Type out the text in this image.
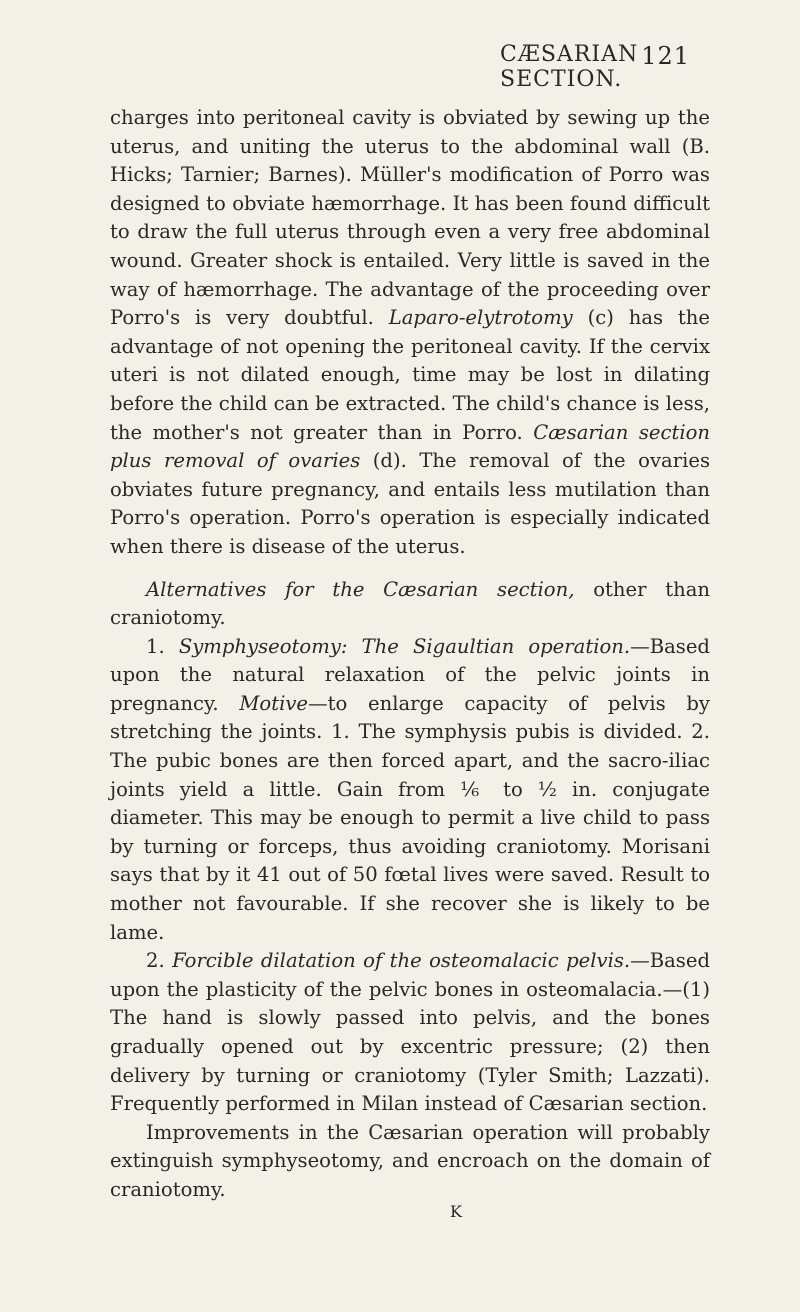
CÆSARIAN SECTION.
121

charges into peritoneal cavity is obviated by sewing up the uterus, and uniting the uterus to the abdominal wall (B. Hicks; Tarnier; Barnes). Müller's modification of Porro was designed to obviate hæmorrhage. It has been found difficult to draw the full uterus through even a very free abdominal wound. Greater shock is entailed. Very little is saved in the way of hæmorrhage. The advantage of the proceeding over Porro's is very doubtful. Laparo-elytrotomy (c) has the advantage of not opening the peritoneal cavity. If the cervix uteri is not dilated enough, time may be lost in dilating before the child can be extracted. The child's chance is less, the mother's not greater than in Porro. Cæsarian section plus removal of ovaries (d). The removal of the ovaries obviates future pregnancy, and entails less mutilation than Porro's operation. Porro's operation is especially indicated when there is disease of the uterus.

Alternatives for the Cæsarian section, other than craniotomy.

1. Symphyseotomy: The Sigaultian operation.—Based upon the natural relaxation of the pelvic joints in pregnancy. Motive—to enlarge capacity of pelvis by stretching the joints. 1. The symphysis pubis is divided. 2. The pubic bones are then forced apart, and the sacro-iliac joints yield a little. Gain from ⅙ to ½ in. conjugate diameter. This may be enough to permit a live child to pass by turning or forceps, thus avoiding craniotomy. Morisani says that by it 41 out of 50 fœtal lives were saved. Result to mother not favourable. If she recover she is likely to be lame.

2. Forcible dilatation of the osteomalacic pelvis.—Based upon the plasticity of the pelvic bones in osteomalacia.—(1) The hand is slowly passed into pelvis, and the bones gradually opened out by excentric pressure; (2) then delivery by turning or craniotomy (Tyler Smith; Lazzati). Frequently performed in Milan instead of Cæsarian section.

Improvements in the Cæsarian operation will probably extinguish symphyseotomy, and encroach on the domain of craniotomy.

K
